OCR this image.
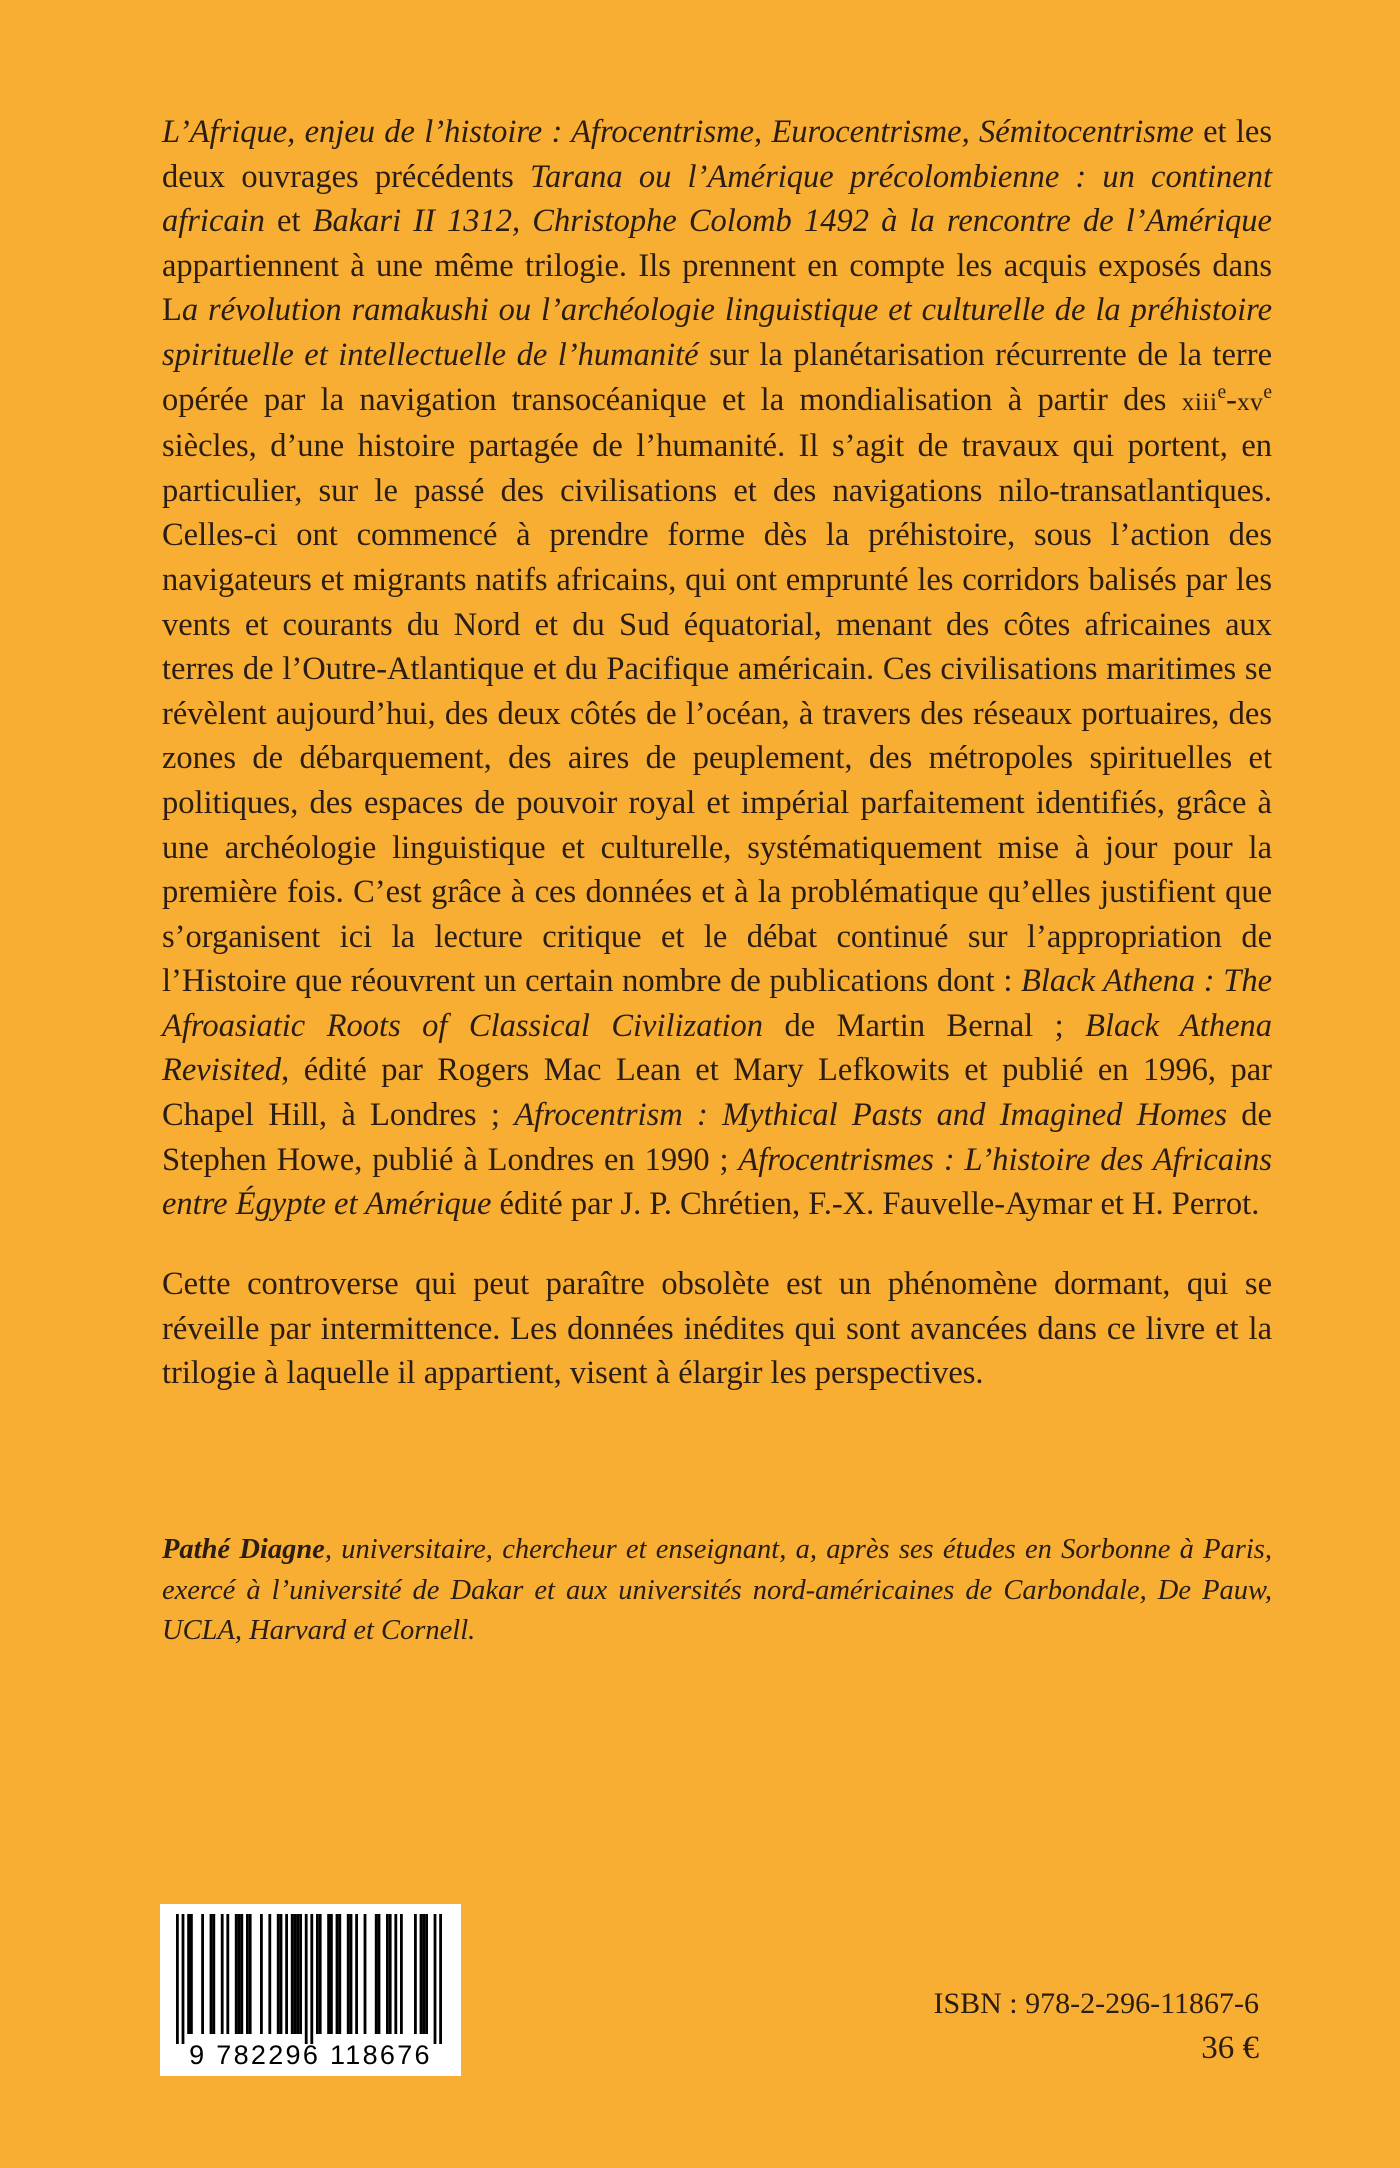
L’Afrique, enjeu de l’histoire : Afrocentrisme, Eurocentrisme, Sémitocentrisme et les deux ouvrages précédents Tarana ou l’Amérique précolombienne : un continent africain et Bakari II 1312, Christophe Colomb 1492 à la rencontre de l’Amérique appartiennent à une même trilogie. Ils prennent en compte les acquis exposés dans La révolution ramakushi ou l’archéologie linguistique et culturelle de la préhistoire spirituelle et intellectuelle de l’humanité sur la planétarisation récurrente de la terre opérée par la navigation transocéanique et la mondialisation à partir des $xiii^e-xv^e$ siècles, d’une histoire partagée de l’humanité. Il s’agit de travaux qui portent, en particulier, sur le passé des civilisations et des navigations nilo-transatlantiques. Celles-ci ont commencé à prendre forme dès la préhistoire, sous l’action des navigateurs et migrants natifs africains, qui ont emprunté les corridors balisés par les vents et courants du Nord et du Sud équatorial, menant des côtes africaines aux terres de l’Outre-Atlantique et du Pacifique américain. Ces civilisations maritimes se révèlent aujourd’hui, des deux côtés de l’océan, à travers des réseaux portuaires, des zones de débarquement, des aires de peuplement, des métropoles spirituelles et politiques, des espaces de pouvoir royal et impérial parfaitement identifiés, grâce à une archéologie linguistique et culturelle, systématiquement mise à jour pour la première fois. C’est grâce à ces données et à la problématique qu’elles justifient que s’organisent ici la lecture critique et le débat continué sur l’appropriation de l’Histoire que réouvrent un certain nombre de publications dont : Black Athena : The Afroasiatic Roots of Classical Civilization de Martin Bernal ; Black Athena Revisited, édité par Rogers Mac Lean et Mary Lefkowits et publié en 1996, par Chapel Hill, à Londres ; Afrocentrism : Mythical Pasts and Imagined Homes de Stephen Howe, publié à Londres en 1990 ; Afrocentrismes : L’histoire des Africains entre Égypte et Amérique édité par J. P. Chrétien, F.-X. Fauvelle-Aymar et H. Perrot.

Cette controverse qui peut paraître obsolète est un phénomène dormant, qui se réveille par intermittence. Les données inédites qui sont avancées dans ce livre et la trilogie à laquelle il appartient, visent à élargir les perspectives.

Pathé Diagne, universitaire, chercheur et enseignant, a, après ses études en Sorbonne à Paris, exercé à l’université de Dakar et aux universités nord-américaines de Carbondale, De Pauw, UCLA, Harvard et Cornell.

9 782296 118676
ISBN : 978-2-296-11867-6
36 €
